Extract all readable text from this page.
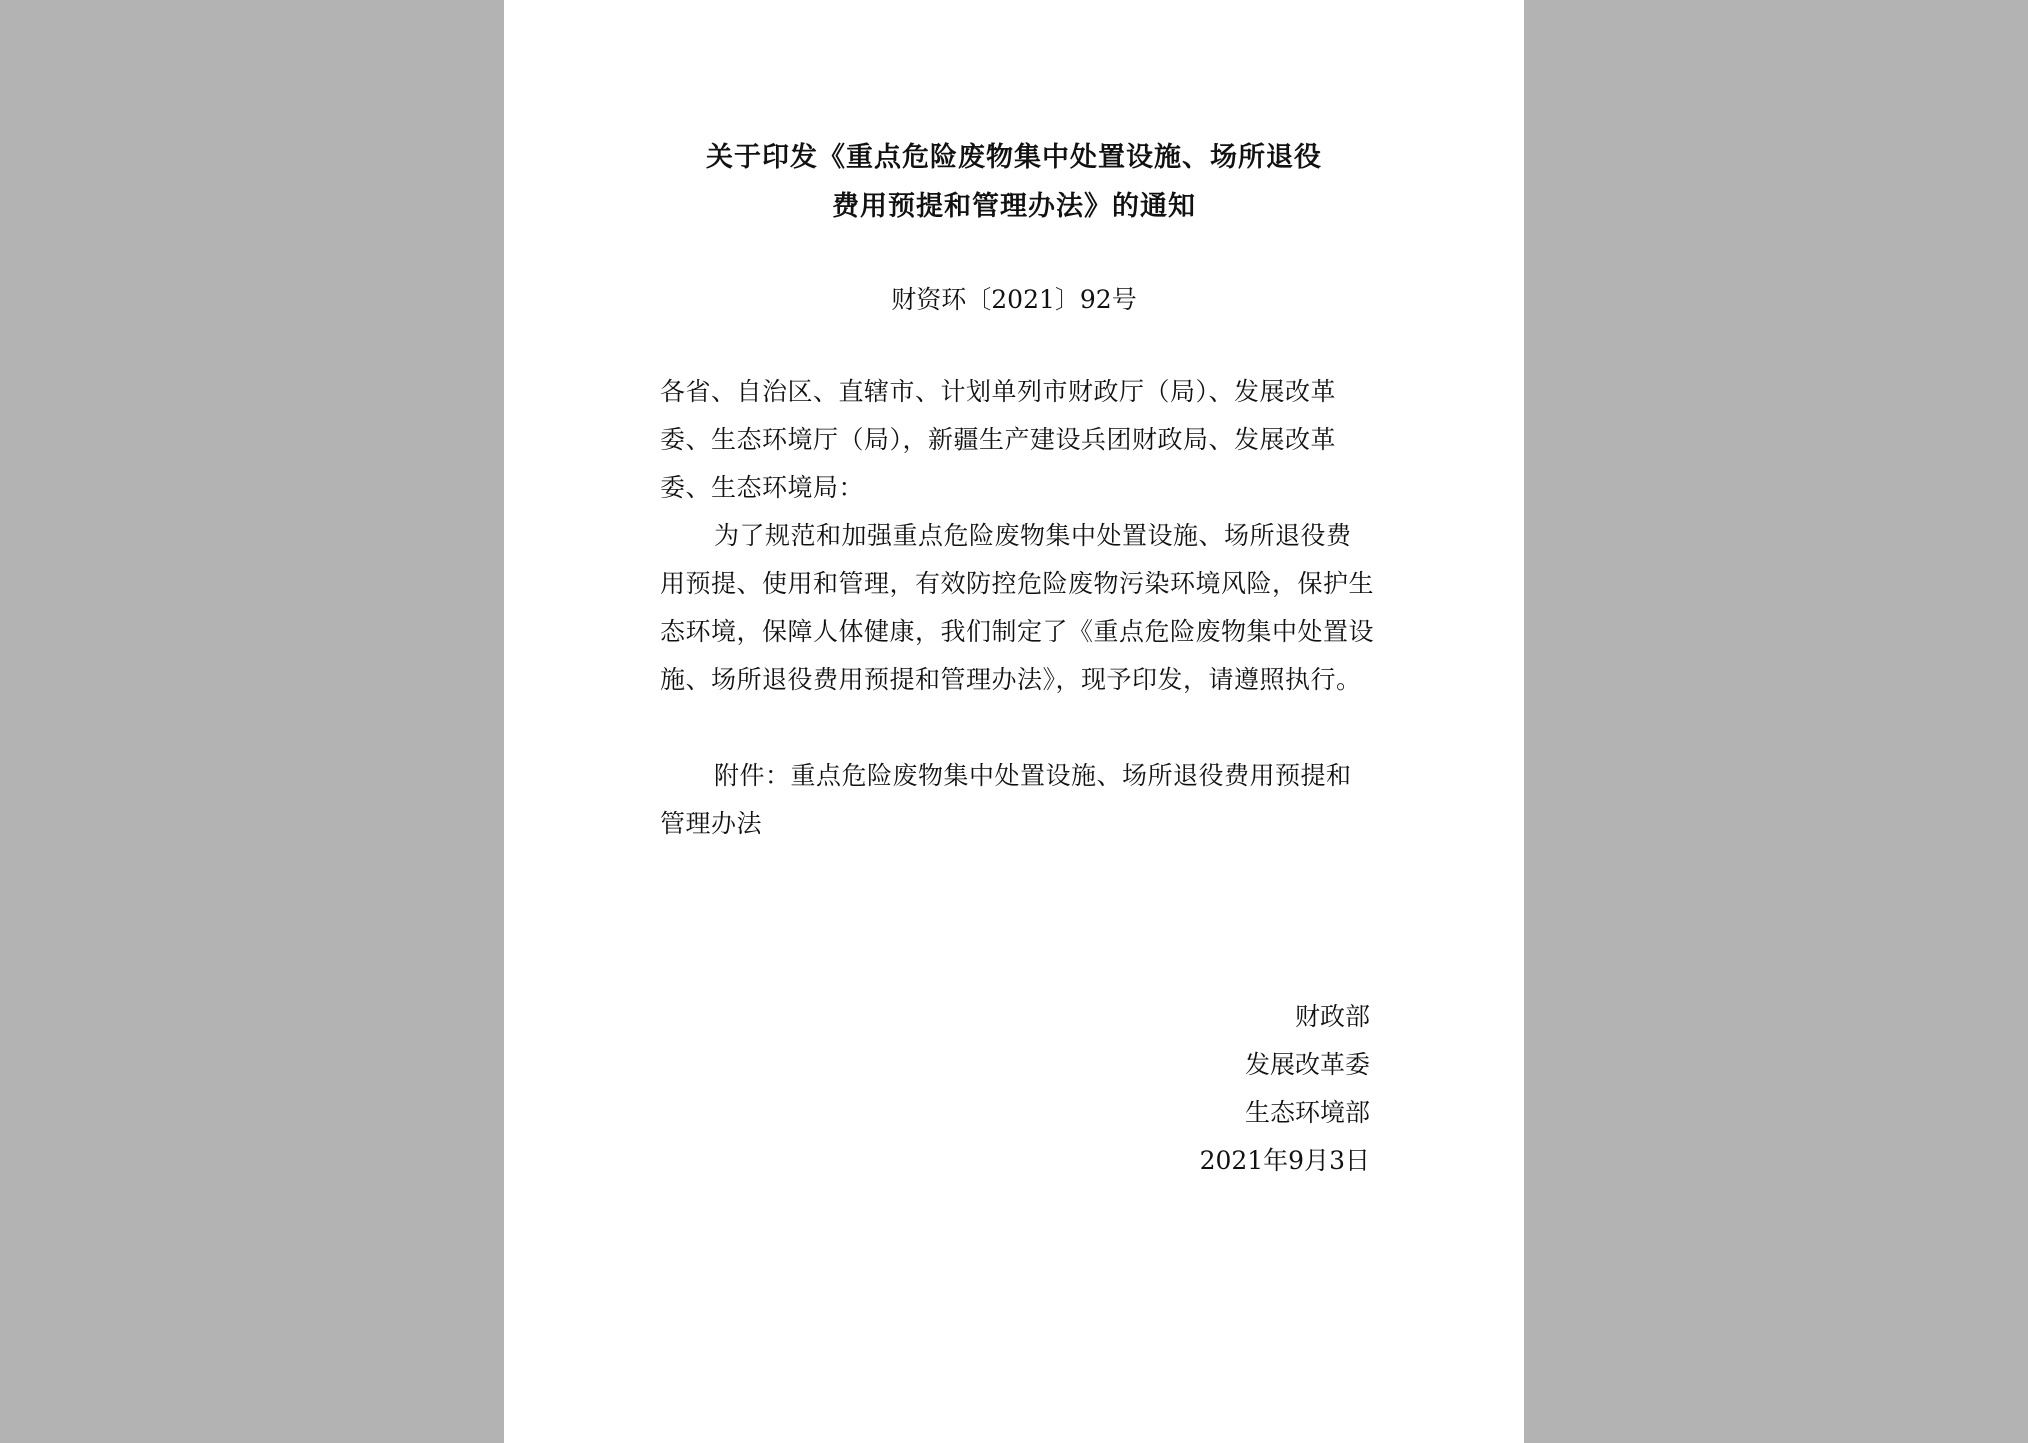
关于印发《重点危险废物集中处置设施、场所退役
费用预提和管理办法》的通知
财资环〔2021〕92号

各省、自治区、直辖市、计划单列市财政厅（局）、发展改革委、生态环境厅（局），新疆生产建设兵团财政局、发展改革委、生态环境局：

为了规范和加强重点危险废物集中处置设施、场所退役费用预提、使用和管理，有效防控危险废物污染环境风险，保护生态环境，保障人体健康，我们制定了《重点危险废物集中处置设施、场所退役费用预提和管理办法》，现予印发，请遵照执行。

附件：重点危险废物集中处置设施、场所退役费用预提和管理办法

财政部
发展改革委
生态环境部
2021年9月3日
